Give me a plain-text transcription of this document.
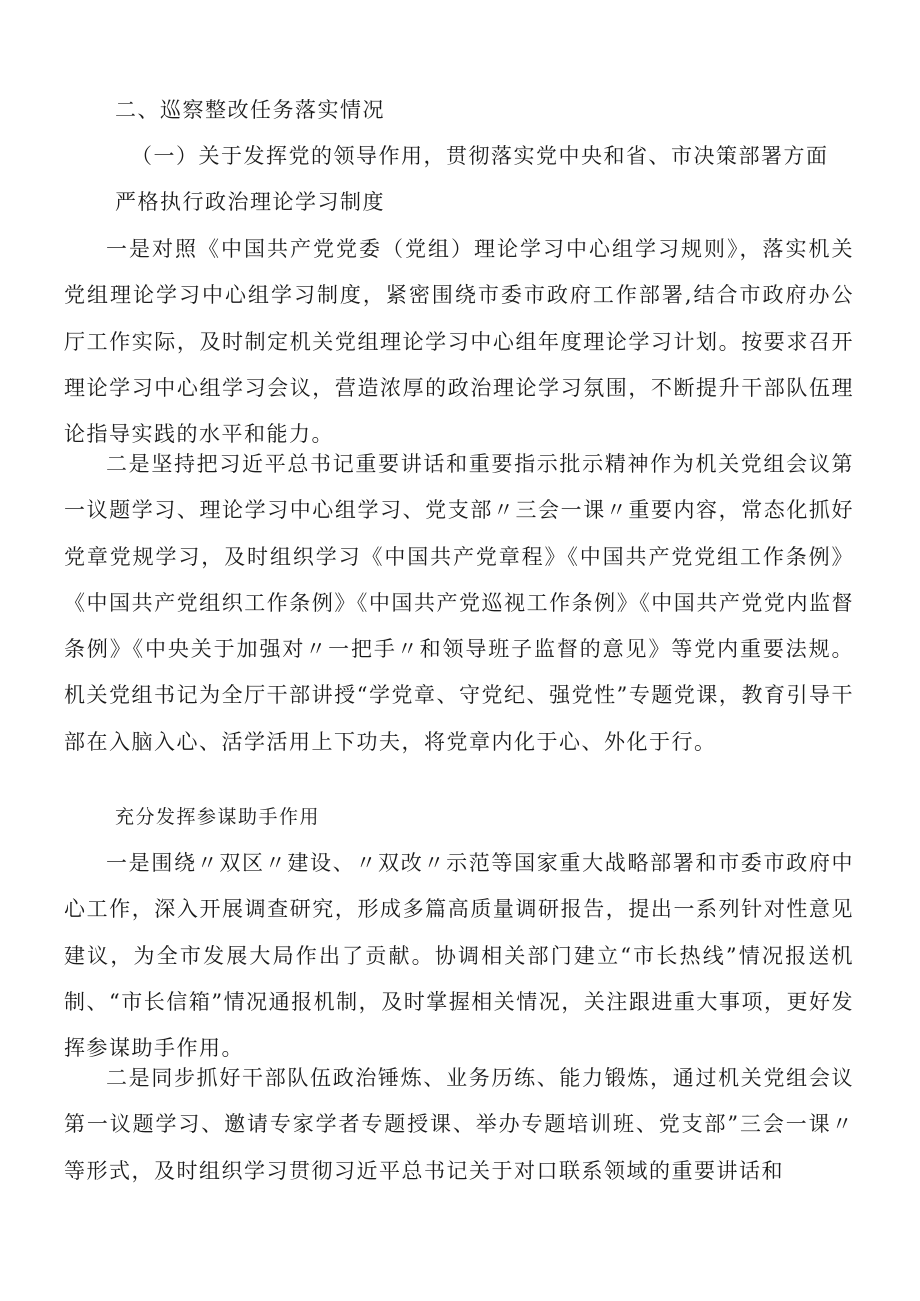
二、巡察整改任务落实情况

（一）关于发挥党的领导作用，贯彻落实党中央和省、市决策部署方面

严格执行政治理论学习制度

一是对照《中国共产党党委（党组）理论学习中心组学习规则》，落实机关党组理论学习中心组学习制度，紧密围绕市委市政府工作部署,结合市政府办公厅工作实际，及时制定机关党组理论学习中心组年度理论学习计划。按要求召开理论学习中心组学习会议，营造浓厚的政治理论学习氛围，不断提升干部队伍理论指导实践的水平和能力。

二是坚持把习近平总书记重要讲话和重要指示批示精神作为机关党组会议第一议题学习、理论学习中心组学习、党支部〃三会一课〃重要内容，常态化抓好党章党规学习，及时组织学习《中国共产党章程》《中国共产党党组工作条例》《中国共产党组织工作条例》《中国共产党巡视工作条例》《中国共产党党内监督条例》《中央关于加强对〃一把手〃和领导班子监督的意见》等党内重要法规。机关党组书记为全厅干部讲授“学党章、守党纪、强党性”专题党课，教育引导干部在入脑入心、活学活用上下功夫，将党章内化于心、外化于行。

充分发挥参谋助手作用

一是围绕〃双区〃建设、〃双改〃示范等国家重大战略部署和市委市政府中心工作，深入开展调查研究，形成多篇高质量调研报告，提出一系列针对性意见建议，为全市发展大局作出了贡献。协调相关部门建立“市长热线”情况报送机制、“市长信箱”情况通报机制，及时掌握相关情况，关注跟进重大事项，更好发挥参谋助手作用。

二是同步抓好干部队伍政治锤炼、业务历练、能力锻炼，通过机关党组会议第一议题学习、邀请专家学者专题授课、举办专题培训班、党支部”三会一课〃等形式，及时组织学习贯彻习近平总书记关于对口联系领域的重要讲话和
